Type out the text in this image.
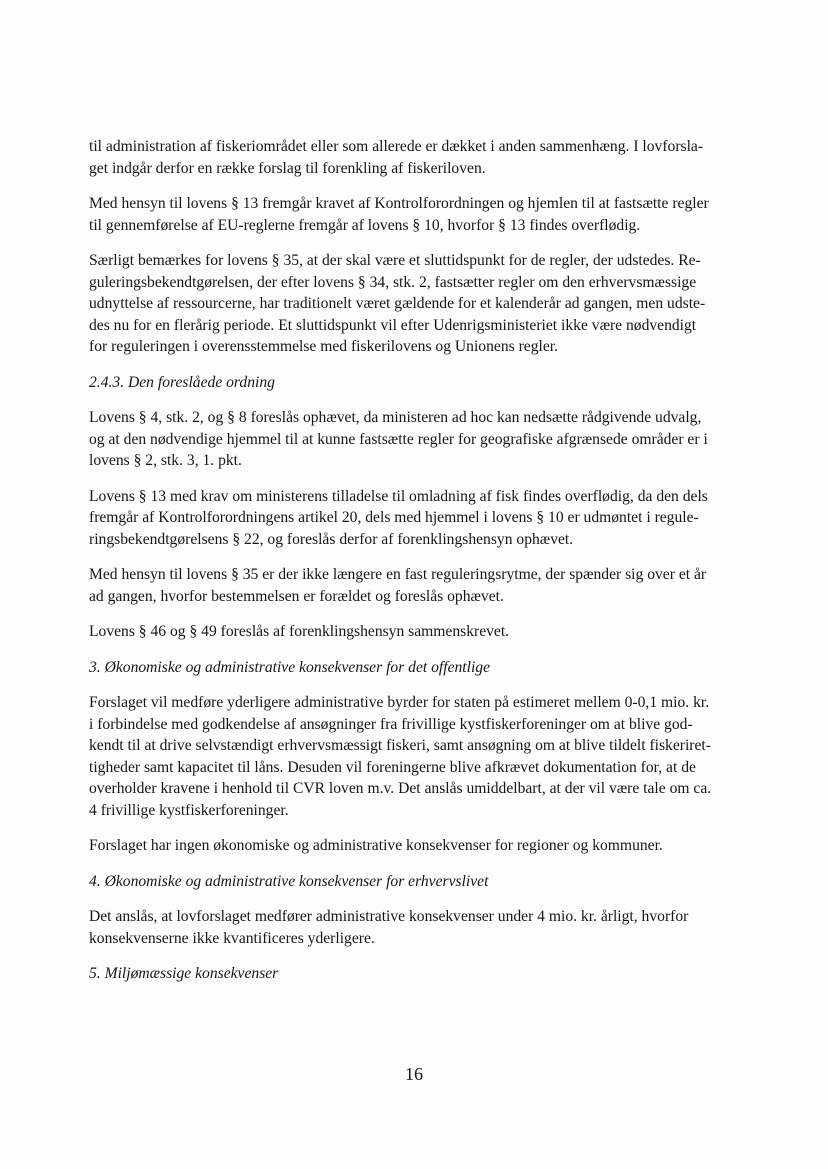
til administration af fiskeriområdet eller som allerede er dækket i anden sammenhæng. I lovforsla-
get indgår derfor en række forslag til forenkling af fiskeriloven.

Med hensyn til lovens § 13 fremgår kravet af Kontrolforordningen og hjemlen til at fastsætte regler
til gennemførelse af EU-reglerne fremgår af lovens § 10, hvorfor § 13 findes overflødig.

Særligt bemærkes for lovens § 35, at der skal være et sluttidspunkt for de regler, der udstedes. Re-
guleringsbekendtgørelsen, der efter lovens § 34, stk. 2, fastsætter regler om den erhvervsmæssige
udnyttelse af ressourcerne, har traditionelt været gældende for et kalenderår ad gangen, men udste-
des nu for en flerårig periode. Et sluttidspunkt vil efter Udenrigsministeriet ikke være nødvendigt
for reguleringen i overensstemmelse med fiskerilovens og Unionens regler.

2.4.3. Den foreslåede ordning

Lovens § 4, stk. 2, og § 8 foreslås ophævet, da ministeren ad hoc kan nedsætte rådgivende udvalg,
og at den nødvendige hjemmel til at kunne fastsætte regler for geografiske afgrænsede områder er i
lovens § 2, stk. 3, 1. pkt.

Lovens § 13 med krav om ministerens tilladelse til omladning af fisk findes overflødig, da den dels
fremgår af Kontrolforordningens artikel 20, dels med hjemmel i lovens § 10 er udmøntet i regule-
ringsbekendtgørelsens § 22, og foreslås derfor af forenklingshensyn ophævet.

Med hensyn til lovens § 35 er der ikke længere en fast reguleringsrytme, der spænder sig over et år
ad gangen, hvorfor bestemmelsen er forældet og foreslås ophævet.

Lovens § 46 og § 49 foreslås af forenklingshensyn sammenskrevet.

3. Økonomiske og administrative konsekvenser for det offentlige

Forslaget vil medføre yderligere administrative byrder for staten på estimeret mellem 0-0,1 mio. kr.
i forbindelse med godkendelse af ansøgninger fra frivillige kystfiskerforeninger om at blive god-
kendt til at drive selvstændigt erhvervsmæssigt fiskeri, samt ansøgning om at blive tildelt fiskeriret-
tigheder samt kapacitet til låns. Desuden vil foreningerne blive afkrævet dokumentation for, at de
overholder kravene i henhold til CVR loven m.v. Det anslås umiddelbart, at der vil være tale om ca.
4 frivillige kystfiskerforeninger.

Forslaget har ingen økonomiske og administrative konsekvenser for regioner og kommuner.

4. Økonomiske og administrative konsekvenser for erhvervslivet

Det anslås, at lovforslaget medfører administrative konsekvenser under 4 mio. kr. årligt, hvorfor
konsekvenserne ikke kvantificeres yderligere.

5. Miljømæssige konsekvenser

16
